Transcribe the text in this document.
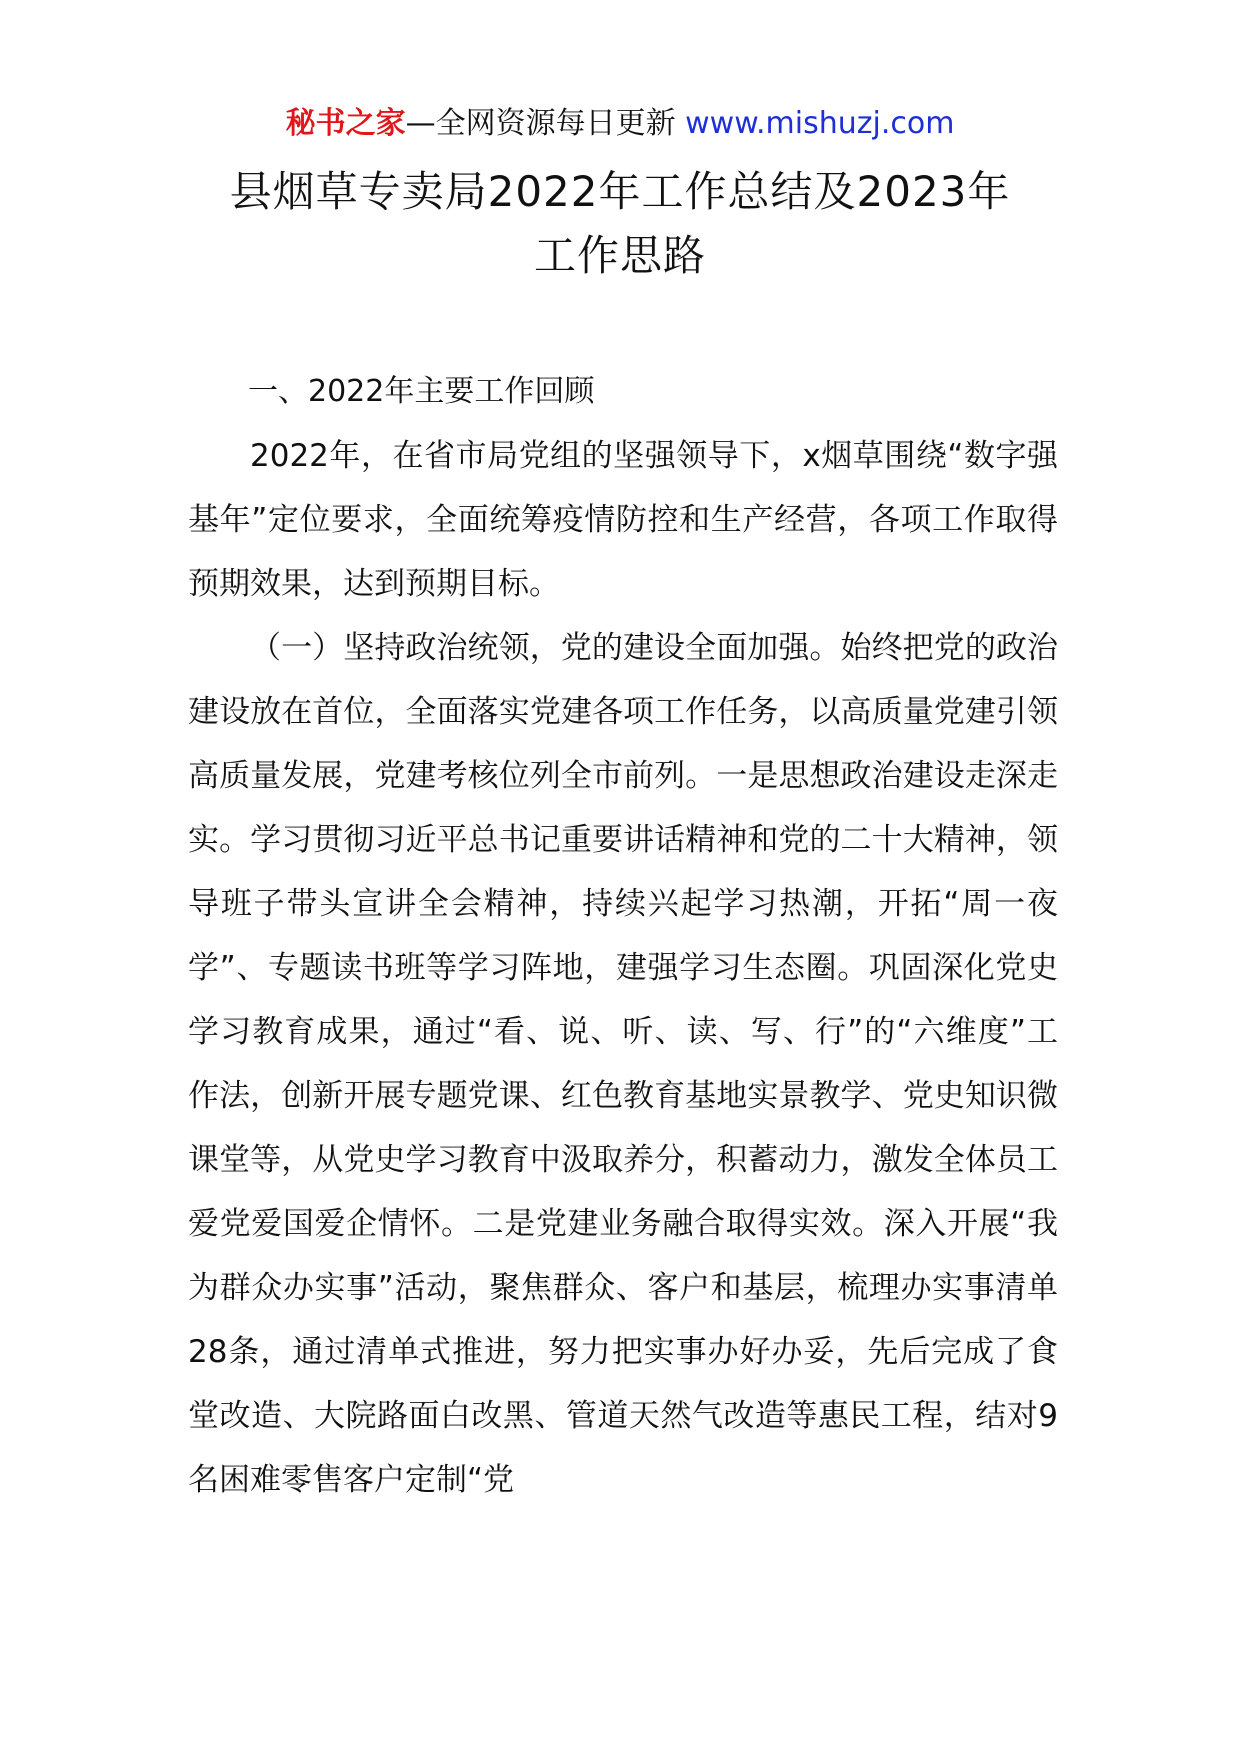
秘书之家—全网资源每日更新 www.mishuzj.com
县烟草专卖局2022年工作总结及2023年
工作思路

一、2022年主要工作回顾

2022年，在省市局党组的坚强领导下，x烟草围绕“数字强基年”定位要求，全面统筹疫情防控和生产经营，各项工作取得预期效果，达到预期目标。

（一）坚持政治统领，党的建设全面加强。始终把党的政治建设放在首位，全面落实党建各项工作任务，以高质量党建引领高质量发展，党建考核位列全市前列。一是思想政治建设走深走实。学习贯彻习近平总书记重要讲话精神和党的二十大精神，领导班子带头宣讲全会精神，持续兴起学习热潮，开拓“周一夜学”、专题读书班等学习阵地，建强学习生态圈。巩固深化党史学习教育成果，通过“看、说、听、读、写、行”的“六维度”工作法，创新开展专题党课、红色教育基地实景教学、党史知识微课堂等，从党史学习教育中汲取养分，积蓄动力，激发全体员工爱党爱国爱企情怀。二是党建业务融合取得实效。深入开展“我为群众办实事”活动，聚焦群众、客户和基层，梳理办实事清单28条，通过清单式推进，努力把实事办好办妥，先后完成了食堂改造、大院路面白改黑、管道天然气改造等惠民工程，结对9名困难零售客户定制“党
